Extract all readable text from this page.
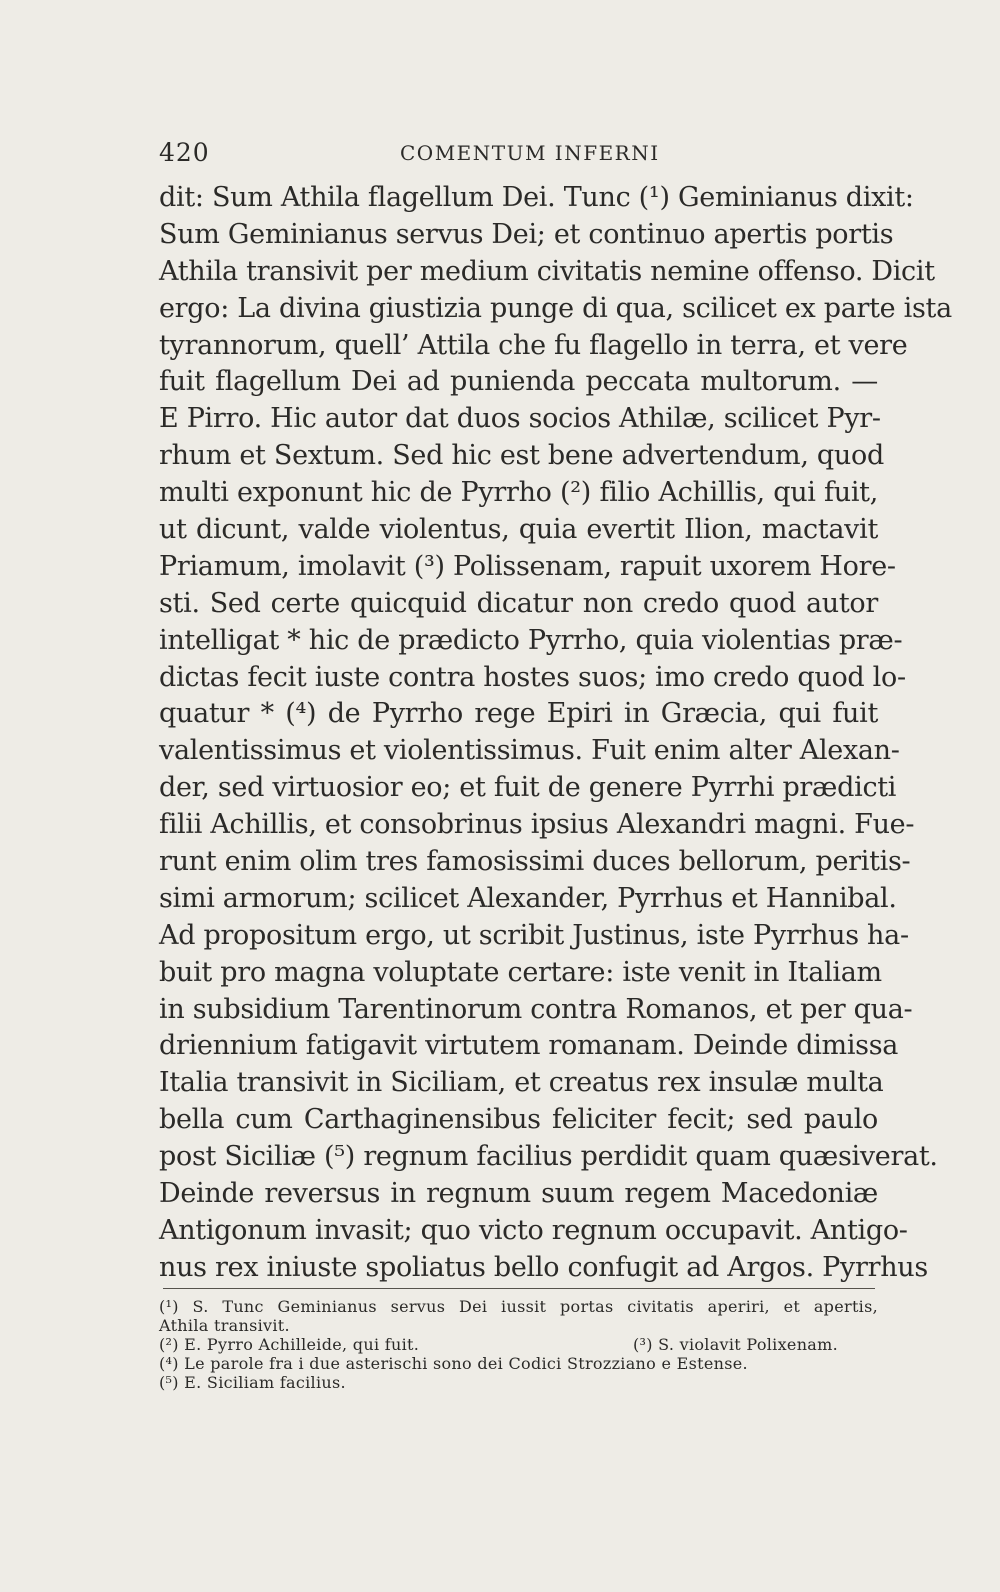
420	COMENTUM INFERNI
dit: Sum Athila flagellum Dei. Tunc (¹) Geminianus dixit:
Sum Geminianus servus Dei; et continuo apertis portis
Athila transivit per medium civitatis nemine offenso. Dicit
ergo: La divina giustizia punge di qua, scilicet ex parte ista
tyrannorum, quell’ Attila che fu flagello in terra, et vere
fuit flagellum Dei ad punienda peccata multorum. —
E Pirro. Hic autor dat duos socios Athilæ, scilicet Pyr-
rhum et Sextum. Sed hic est bene advertendum, quod
multi exponunt hic de Pyrrho (²) filio Achillis, qui fuit,
ut dicunt, valde violentus, quia evertit Ilion, mactavit
Priamum, imolavit (³) Polissenam, rapuit uxorem Hore-
sti. Sed certe quicquid dicatur non credo quod autor
intelligat * hic de prædicto Pyrrho, quia violentias præ-
dictas fecit iuste contra hostes suos; imo credo quod lo-
quatur * (⁴) de Pyrrho rege Epiri in Græcia, qui fuit
valentissimus et violentissimus. Fuit enim alter Alexan-
der, sed virtuosior eo; et fuit de genere Pyrrhi prædicti
filii Achillis, et consobrinus ipsius Alexandri magni. Fue-
runt enim olim tres famosissimi duces bellorum, peritis-
simi armorum; scilicet Alexander, Pyrrhus et Hannibal.
Ad propositum ergo, ut scribit Justinus, iste Pyrrhus ha-
buit pro magna voluptate certare: iste venit in Italiam
in subsidium Tarentinorum contra Romanos, et per qua-
driennium fatigavit virtutem romanam. Deinde dimissa
Italia transivit in Siciliam, et creatus rex insulæ multa
bella cum Carthaginensibus feliciter fecit; sed paulo
post Siciliæ (⁵) regnum facilius perdidit quam quæsiverat.
Deinde reversus in regnum suum regem Macedoniæ
Antigonum invasit; quo victo regnum occupavit. Antigo-
nus rex iniuste spoliatus bello confugit ad Argos. Pyrrhus
(¹) S. Tunc Geminianus servus Dei iussit portas civitatis aperiri, et apertis,
Athila transivit.
(²) E. Pyrro Achilleide, qui fuit.	(³) S. violavit Polixenam.
(⁴) Le parole fra i due asterischi sono dei Codici Strozziano e Estense.
(⁵) E. Siciliam facilius.
